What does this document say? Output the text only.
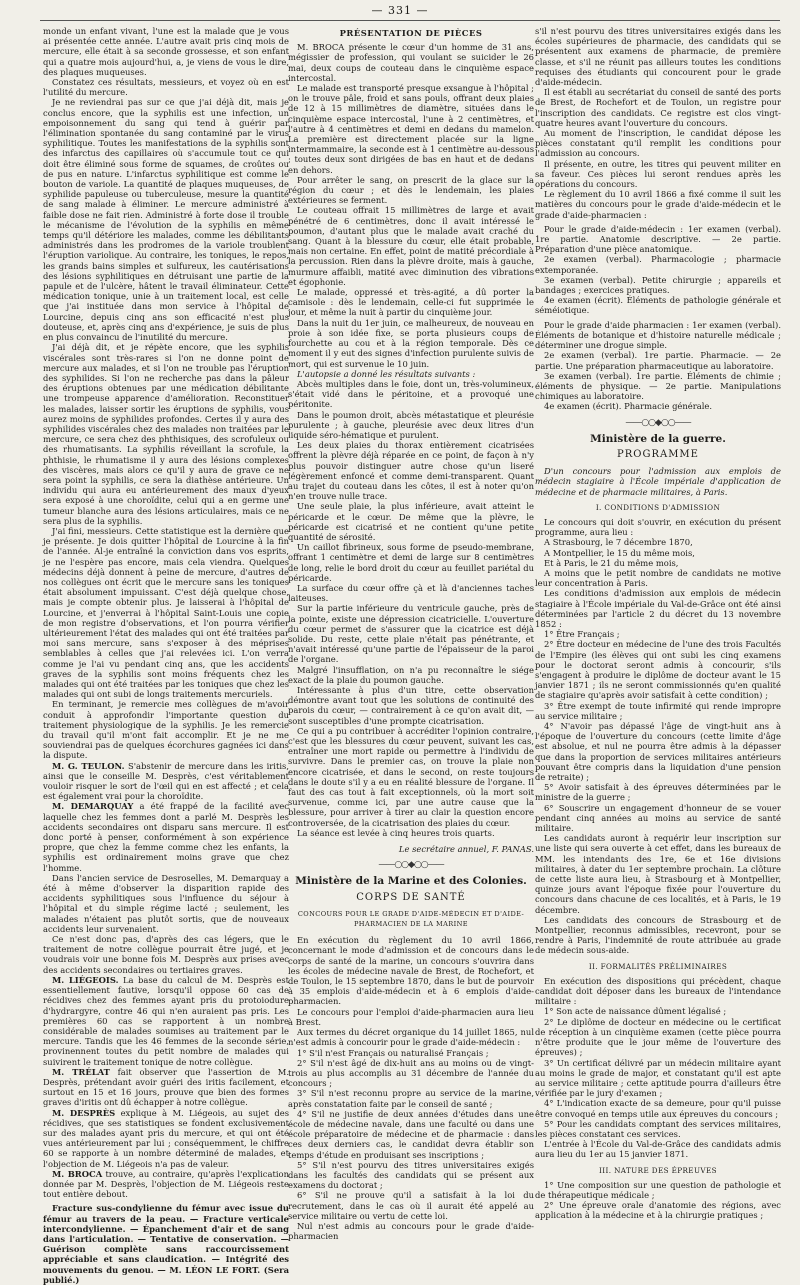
— 331 —

monde un enfant vivant, l'une est la malade que je vous ai présentée cette année. L'autre avait pris cinq mois de mercure, elle était à sa seconde grossesse, et son enfant qui a quatre mois aujourd'hui, a, je viens de vous le dire, des plaques muqueuses.

Constatez ces résultats, messieurs, et voyez où en est l'utilité du mercure.

Je ne reviendrai pas sur ce que j'ai déjà dit, mais je conclus encore, que la syphilis est une infection, un empoisonnement du sang qui tend à guérir par l'élimination spontanée du sang contaminé par le virus syphilitique. Toutes les manifestations de la syphilis sont des infarctus des capillaires où s'accumule tout ce qui doit être éliminé sous forme de squames, de croûtes ou de pus en nature. L'infarctus syphilitique est comme le bouton de variole. La quantité de plaques muqueuses, de syphilide papuleuse ou tuberculeuse, mesure la quantité de sang malade à éliminer. Le mercure administré à faible dose ne fait rien. Administré à forte dose il trouble le mécanisme de l'évolution de la syphilis en même temps qu'il détériore les malades, comme les débilitants administrés dans les prodromes de la variole troublent l'éruption variolique. Au contraire, les toniques, le repos, les grands bains simples et sulfureux, les cautérisations des lésions syphilitiques en détruisant une partie de la papule et de l'ulcère, hâtent le travail éliminateur. Cette médication tonique, unie à un traitement local, est celle que j'ai instituée dans mon service à l'hôpital de Lourcine, depuis cinq ans son efficacité n'est plus douteuse, et, après cinq ans d'expérience, je suis de plus en plus convaincu de l'inutilité du mercure.

J'ai déjà dit, et je répète encore, que les syphilis viscérales sont très-rares si l'on ne donne point de mercure aux malades, et si l'on ne trouble pas l'éruption des syphilides. Si l'on ne recherche pas dans la pâleur des éruptions obtenues par une médication débilitante une trompeuse apparence d'amélioration. Reconstituer les malades, laisser sortir les éruptions de syphilis, vous aurez moins de syphilides profondes. Certes il y aura des syphilides viscérales chez des malades non traitées par le mercure, ce sera chez des phthisiques, des scrofuleux ou des rhumatisants. La syphilis réveillant la scrofule, la phthisie, le rhumatisme il y aura des lésions complexes des viscères, mais alors ce qu'il y aura de grave ce ne sera point la syphilis, ce sera la diathèse antérieure. Un individu qui aura eu antérieurement des maux d'yeux sera exposé à une choroïdite, celui qui a en germe une tumeur blanche aura des lésions articulaires, mais ce ne sera plus de la syphilis.

J'ai fini, messieurs. Cette statistique est la dernière que je présente. Je dois quitter l'hôpital de Lourcine à la fin de l'année. Al-je entraîné la conviction dans vos esprits, je ne l'espère pas encore, mais cela viendra. Quelques médecins déjà donnent à peine de mercure, d'autres de nos collègues ont écrit que le mercure sans les toniques était absolument impuissant. C'est déjà quelque chose, mais je compte obtenir plus. Je laisserai à l'hôpital de Lourcine, et j'enverrai à l'hôpital Saint-Louis une copie de mon registre d'observations, et l'on pourra vérifier ultérieurement l'état des malades qui ont été traitées par moi sans mercure, sans s'exposer à des méprises semblables à celles que j'ai relevées ici. L'on verra comme je l'ai vu pendant cinq ans, que les accidents graves de la syphilis sont moins fréquents chez les malades qui ont été traitées par les toniques que chez les malades qui ont subi de longs traitements mercuriels.

En terminant, je remercie mes collègues de m'avoir conduit à approfondir l'importante question du traitement physiologique de la syphilis. Je les remercie du travail qu'il m'ont fait accomplir. Et je ne me souviendrai pas de quelques écorchures gagnées ici dans la dispute.

M. G. TEULON. S'abstenir de mercure dans les iritis, ainsi que le conseille M. Desprès, c'est véritablement vouloir risquer le sort de l'œil qui en est affecté ; et cela est également vrai pour la choroïdite.

M. DEMARQUAY a été frappé de la facilité avec laquelle chez les femmes dont a parlé M. Desprès les accidents secondaires ont disparu sans mercure. Il est donc porté à penser, conformément à son expérience propre, que chez la femme comme chez les enfants, la syphilis est ordinairement moins grave que chez l'homme.

Dans l'ancien service de Desroselles, M. Demarquay a été à même d'observer la disparition rapide des accidents syphilitiques sous l'influence du séjour à l'hôpital et du simple régime lacté ; seulement, les malades n'étaient pas plutôt sortis, que de nouveaux accidents leur survenaient.

Ce n'est donc pas, d'après des cas légers, que le traitement de notre collègue pourrait être jugé, et je voudrais voir une bonne fois M. Desprès aux prises avec des accidents secondaires ou tertiaires graves.

M. LIÉGEOIS. La base du calcul de M. Desprès est essentiellement fautive, lorsqu'il oppose 60 cas de récidives chez des femmes ayant pris du protoiodure d'hydrargyre, contre 46 qui n'en auraient pas pris. Les premières 60 cas se rapportent à un nombre considérable de malades soumises au traitement par le mercure. Tandis que les 46 femmes de la seconde série, provinennent toutes du petit nombre de malades qui suivirent le traitement tonique de notre collègue.

M. TRÉLAT fait observer que l'assertion de M. Desprès, prétendant avoir guéri des iritis facilement, et surtout en 15 et 16 jours, prouve que bien des formes graves d'iritis ont dû échapper à notre collègue.

M. DESPRÈS explique à M. Liégeois, au sujet des récidives, que ses statistiques se fondent exclusivement sur des malades ayant pris du mercure, et qui ont été vues antérieurement par lui ; conséquemment, le chiffre 60 se rapporte à un nombre déterminé de malades, et l'objection de M. Liégeois n'a pas de valeur.

M. BROCA trouve, au contraire, qu'après l'explication donnée par M. Desprès, l'objection de M. Liégeois reste tout entière debout.

Fracture sus-condylienne du fémur avec issue du fémur au travers de la peau. — Fracture verticale intercondylienne. — Épanchement d'air et de sang dans l'articulation. — Tentative de conservation. — Guérison complète sans raccourcissement appréciable et sans claudication. — Intégrité des mouvements du genou. — M. LÉON LE FORT. (Sera publié.)

PRÉSENTATION DE PIÈCES

M. BROCA présente le cœur d'un homme de 31 ans, mégissier de profession, qui voulant se suicider le 26 mai, deux coups de couteau dans le cinquième espace intercostal.

Le malade est transporté presque exsangue à l'hôpital ; on le trouve pâle, froid et sans pouls, offrant deux plaies de 12 à 15 millimètres de diamètre, situées dans le cinquième espace intercostal, l'une à 2 centimètres, et l'autre à 4 centimètres et demi en dedans du mamelon. La première est directement placée sur la ligne intermammaire, la seconde est à 1 centimètre au-dessous ; toutes deux sont dirigées de bas en haut et de dedans en dehors.

Pour arrêter le sang, on prescrit de la glace sur la région du cœur ; et dès le lendemain, les plaies extérieures se ferment.

Le couteau offrait 15 millimètres de large et avait pénétré de 6 centimètres, donc il avait intéressé le poumon, d'autant plus que le malade avait craché du sang. Quant à la blessure du cœur, elle était probable, mais non certaine. En effet, point de matité précordiale à la percussion. Rien dans la plèvre droite, mais à gauche, murmure affaibli, matité avec diminution des vibrations et égophonie.

Le malade, oppressé et très-agité, a dû porter la camisole : dès le lendemain, celle-ci fut supprimée le jour, et même la nuit à partir du cinquième jour.

Dans la nuit du 1er juin, ce malheureux, de nouveau en proie à son idée fixe, se porta plusieurs coups de fourchette au cou et à la région temporale. Dès ce moment il y eut des signes d'infection purulente suivis de mort, qui est survenue le 10 juin.

L'autopsie a donné les résultats suivants :

Abcès multiples dans le foie, dont un, très-volumineux, s'était vidé dans le péritoine, et a provoqué une péritonite.

Dans le poumon droit, abcès métastatique et pleurésie purulente ; à gauche, pleurésie avec deux litres d'un liquide séro-hématique et purulent.

Les deux plaies du thorax entièrement cicatrisées offrent la plèvre déjà réparée en ce point, de façon à n'y plus pouvoir distinguer autre chose qu'un liseré légèrement enfoncé et comme demi-transparent. Quant au trajet du couteau dans les côtes, il est à noter qu'on n'en trouve nulle trace.

Une seule plaie, la plus inférieure, avait atteint le péricarde et le cœur. De même que la plèvre, le péricarde est cicatrisé et ne contient qu'une petite quantité de sérosité.

Un caillot fibrineux, sous forme de pseudo-membrane, offrant 1 centimètre et demi de large sur 8 centimètres de long, relie le bord droit du cœur au feuillet pariétal du péricarde.

La surface du cœur offre çà et là d'anciennes taches laiteuses.

Sur la partie inférieure du ventricule gauche, près de la pointe, existe une dépression cicatricielle. L'ouverture du cœur permet de s'assurer que la cicatrice est déjà solide. Du reste, cette plaie n'était pas pénétrante, et n'avait intéressé qu'une partie de l'épaisseur de la paroi de l'organe.

Malgré l'insufflation, on n'a pu reconnaître le siége exact de la plaie du poumon gauche.

Intéressante à plus d'un titre, cette observation démontre avant tout que les solutions de continuité des parois du cœur, — contrairement à ce qu'on avait dit, — sont susceptibles d'une prompte cicatrisation.

Ce qui a pu contribuer à accréditer l'opinion contraire, c'est que les blessures du cœur peuvent, suivant les cas, entraîner une mort rapide ou permettre à l'individu de survivre. Dans le premier cas, on trouve la plaie non encore cicatrisée, et dans le second, on reste toujours dans le doute s'il y a eu en réalité blessure de l'organe. Il faut des cas tout à fait exceptionnels, où la mort soit survenue, comme ici, par une autre cause que la blessure, pour arriver à tirer au clair la question encore controversée, de la cicatrisation des plaies du cœur.

La séance est levée à cinq heures trois quarts.

Le secrétaire annuel, F. PANAS.
——○○◆○○——
Ministère de la Marine et des Colonies.
CORPS DE SANTÉ
CONCOURS POUR LE GRADE D'AIDE-MÉDECIN ET D'AIDE-PHARMACIEN DE LA MARINE

En exécution du règlement du 10 avril 1866, concernant le mode d'admission et de concours dans le corps de santé de la marine, un concours s'ouvrira dans les écoles de médecine navale de Brest, de Rochefort, et de Toulon, le 15 septembre 1870, dans le but de pourvoir à 35 emplois d'aide-médecin et à 6 emplois d'aide-pharmacien.

Le concours pour l'emploi d'aide-pharmacien aura lieu à Brest.

Aux termes du décret organique du 14 juillet 1865, nul n'est admis à concourir pour le grade d'aide-médecin :

1° S'il n'est Français ou naturalisé Français ;

2° S'il n'est âgé de dix-huit ans au moins ou de vingt-trois au plus accomplis au 31 décembre de l'année du concours ;

3° S'il n'est reconnu propre au service de la marine, après constatation faite par le conseil de santé ;

4° S'il ne justifie de deux années d'études dans une école de médecine navale, dans une faculté ou dans une école préparatoire de médecine et de pharmacie : dans ces deux derniers cas, le candidat devra établir son temps d'étude en produisant ses inscriptions ;

5° S'il n'est pourvu des titres universitaires exigés dans les facultés des candidats qui se présent aux examens du doctorat ;

6° S'il ne prouve qu'il a satisfait à la loi du recrutement, dans le cas où il aurait été appelé au service militaire ou vertu de cette loi.

Nul n'est admis au concours pour le grade d'aide-pharmacien

s'il n'est pourvu des titres universitaires exigés dans les écoles supérieures de pharmacie, des candidats qui se présentent aux examens de pharmacie, de première classe, et s'il ne réunit pas ailleurs toutes les conditions requises des étudiants qui concourent pour le grade d'aide-médecin.

Il est établi au secrétariat du conseil de santé des ports de Brest, de Rochefort et de Toulon, un registre pour l'inscription des candidats. Ce registre est clos vingt-quatre heures avant l'ouverture du concours.

Au moment de l'inscription, le candidat dépose les pièces constatant qu'il remplit les conditions pour l'admission au concours.

Il présente, en outre, les titres qui peuvent militer en sa faveur. Ces pièces lui seront rendues après les opérations du concours.

Le règlement du 10 avril 1866 a fixé comme il suit les matières du concours pour le grade d'aide-médecin et le grade d'aide-pharmacien :

Pour le grade d'aide-médecin : 1er examen (verbal). 1re partie. Anatomie descriptive. — 2e partie. Préparation d'une pièce anatomique.

2e examen (verbal). Pharmacologie ; pharmacie extemporanée.

3e examen (verbal). Petite chirurgie ; appareils et bandages ; exercices pratiques.

4e examen (écrit). Éléments de pathologie générale et séméiotique.

Pour le grade d'aide pharmacien : 1er examen (verbal). Éléments de botanique et d'histoire naturelle médicale ; déterminer une drogue simple.

2e examen (verbal). 1re partie. Pharmacie. — 2e partie. Une préparation pharmaceutique au laboratoire.

3e examen (verbal). 1re partie. Éléments de chimie ; éléments de physique. — 2e partie. Manipulations chimiques au laboratoire.

4e examen (écrit). Pharmacie générale.

——○○◆○○——
Ministère de la guerre.
PROGRAMME

D'un concours pour l'admission aux emplois de médecin stagiaire à l'École impériale d'application de médecine et de pharmacie militaires, à Paris.

I. CONDITIONS D'ADMISSION

Le concours qui doit s'ouvrir, en exécution du présent programme, aura lieu :

A Strasbourg, le 7 décembre 1870,

A Montpellier, le 15 du même mois,

Et à Paris, le 21 du même mois,

A moins que le petit nombre de candidats ne motive leur concentration à Paris.

Les conditions d'admission aux emplois de médecin stagiaire à l'École impériale du Val-de-Grâce ont été ainsi déterminées par l'article 2 du décret du 13 novembre 1852 :

1° Être Français ;

2° Être docteur en médecine de l'une des trois Facultés de l'Empire (les élèves qui ont subi les cinq examens pour le doctorat seront admis à concourir, s'ils s'engagent à produire le diplôme de docteur avant le 15 janvier 1871 ; ils ne seront commissionnés qu'en qualité de stagiaire qu'après avoir satisfait à cette condition) ;

3° Être exempt de toute infirmité qui rende impropre au service militaire ;

4° N'avoir pas dépassé l'âge de vingt-huit ans à l'époque de l'ouverture du concours (cette limite d'âge est absolue, et nul ne pourra être admis à la dépasser que dans la proportion de services militaires antérieurs pouvant être compris dans la liquidation d'une pension de retraite) ;

5° Avoir satisfait à des épreuves déterminées par le ministre de la guerre ;

6° Souscrire un engagement d'honneur de se vouer pendant cinq années au moins au service de santé militaire.

Les candidats auront à requérir leur inscription sur une liste qui sera ouverte à cet effet, dans les bureaux de MM. les intendants des 1re, 6e et 16e divisions militaires, à dater du 1er septembre prochain. La clôture de cette liste aura lieu, à Strasbourg et à Montpellier, quinze jours avant l'époque fixée pour l'ouverture du concours dans chacune de ces localités, et à Paris, le 19 décembre.

Les candidats des concours de Strasbourg et de Montpellier, reconnus admissibles, recevront, pour se rendre à Paris, l'indemnité de route attribuée au grade de médecin sous-aide.

II. FORMALITÉS PRÉLIMINAIRES

En exécution des dispositions qui précèdent, chaque candidat doit déposer dans les bureaux de l'intendance militaire :

1° Son acte de naissance dûment légalisé ;

2° Le diplôme de docteur en médecine ou le certificat de réception à un cinquième examen (cette pièce pourra n'être produite que le jour même de l'ouverture des épreuves) ;

3° Un certificat délivré par un médecin militaire ayant au moins le grade de major, et constatant qu'il est apte au service militaire ; cette aptitude pourra d'ailleurs être vérifiée par le jury d'examen ;

4° L'indication exacte de sa demeure, pour qu'il puisse être convoqué en temps utile aux épreuves du concours ;

5° Pour les candidats comptant des services militaires, les pièces constatant ces services.

L'entrée à l'École du Val-de-Grâce des candidats admis aura lieu du 1er au 15 janvier 1871.

III. NATURE DES ÉPREUVES

1° Une composition sur une question de pathologie et de thérapeutique médicale ;

2° Une épreuve orale d'anatomie des régions, avec application à la médecine et à la chirurgie pratiques ;
